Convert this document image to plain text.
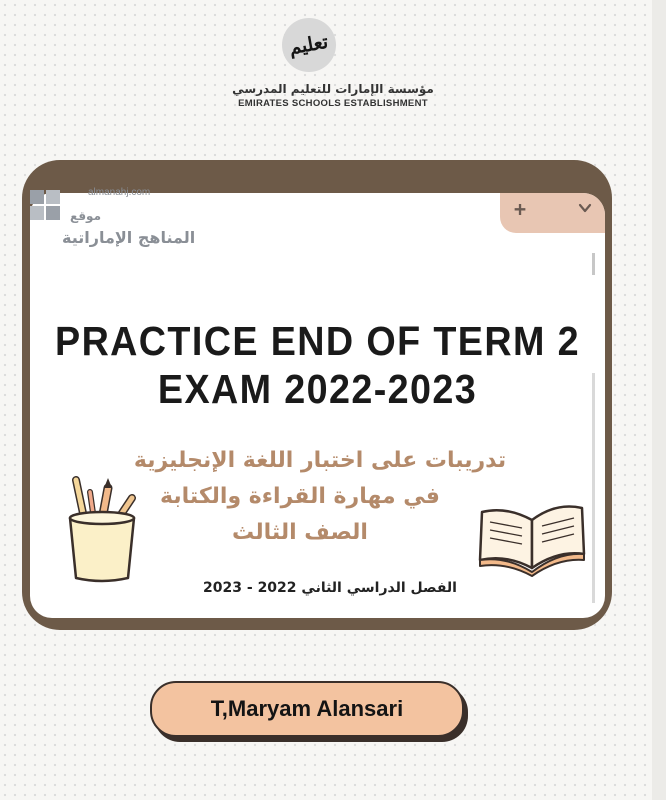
تعليم
مؤسسة الإمارات للتعليم المدرسي
EMIRATES SCHOOLS ESTABLISHMENT
+
almanahj.com
موقع
المناهج الإماراتية
PRACTICE END OF TERM 2
EXAM 2022-2023
تدريبات على اختبار اللغة الإنجليزية
في مهارة القراءة والكتابة
الصف الثالث
الفصل الدراسي الثاني 2022 - 2023
T,Maryam Alansari
